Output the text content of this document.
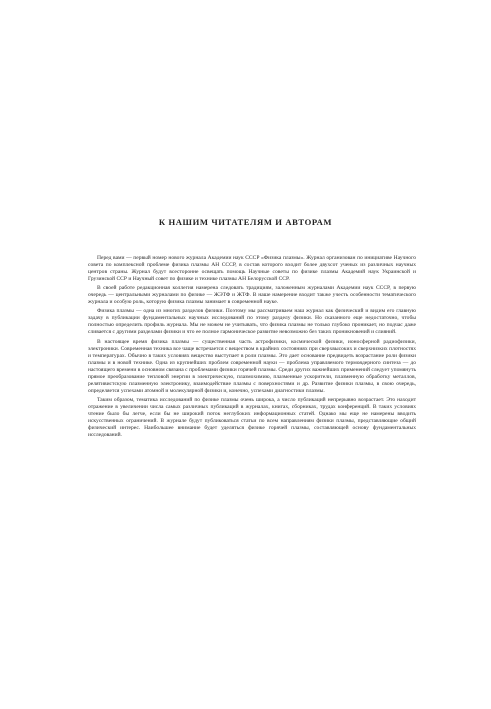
К НАШИМ ЧИТАТЕЛЯМ И АВТОРАМ

Перед вами — первый номер нового журнала Академии наук СССР «Физика плазмы». Журнал организован по инициативе Научного совета по комплексной проблеме физика плазмы АН СССР, в состав которого входит более двухсот ученых из различных научных центров страны. Журнал будут всесторонне освещать помощь Научные советы по физике плазмы Академий наук Украинской и Грузинской ССР и Научный совет по физике и технике плазмы АН Белорусской ССР.

В своей работе редакционная коллегия намерена следовать традициям, заложенным журналами Академии наук СССР, в первую очередь — центральными журналами по физике — ЖЭТФ и ЖТФ. В наше намерение входит также учесть особенности тематического журнала и особую роль, которую физика плазмы занимает в современной науке.

Физика плазмы — одна из многих разделов физики. Поэтому мы рассматриваем наш журнал как физический и видим его главную задачу в публикации фундаментальных научных исследований по этому разделу физики. Но сказанного еще недостаточно, чтобы полностью определить профиль журнала. Мы не можем не учитывать, что физика плазмы не только глубоко проникает, но подчас даже сливается с другими разделами физики и что ее полное гармоническое развитие невозможно без таких проникновений и слияний.

В настоящее время физика плазмы — существенная часть астрофизики, космической физики, ионосферной радиофизики, электроники. Современная техника все чаще встречается с веществом в крайних состояниях при сверхвысоких и сверхнизких плотностях и температурах. Обычно в таких условиях вещество выступает в роли плазмы. Это дает основание предвидеть возрастание роли физики плазмы и в новой технике. Одна из крупнейших проблем современной науки — проблема управляемого термоядерного синтеза — до настоящего времени в основном связана с проблемами физики горячей плазмы. Среди других важнейших применений следует упомянуть прямое преобразование тепловой энергии в электрическую, плазмохимию, плазменные ускорители, плазменную обработку металлов, релятивистскую плазменную электронику, взаимодействие плазмы с поверхностями и др. Развитие физики плазмы, в свою очередь, определяется успехами атомной и молекулярной физики и, конечно, успехами диагностики плазмы.

Таким образом, тематика исследований по физике плазмы очень широка, а число публикаций непрерывно возрастает. Это находит отражение в увеличении числа самых различных публикаций в журналах, книгах, сборниках, трудах конференций. В таких условиях чтение было бы легче, если бы не широкий поток неглубоких информационных статей. Однако мы еще не намерены вводить искусственных ограничений. В журнале будут публиковаться статьи по всем направлениям физики плазмы, представляющие общий физический интерес. Наибольшее внимание будет уделяться физике горячей плазмы, составляющей основу фундаментальных исследований.
